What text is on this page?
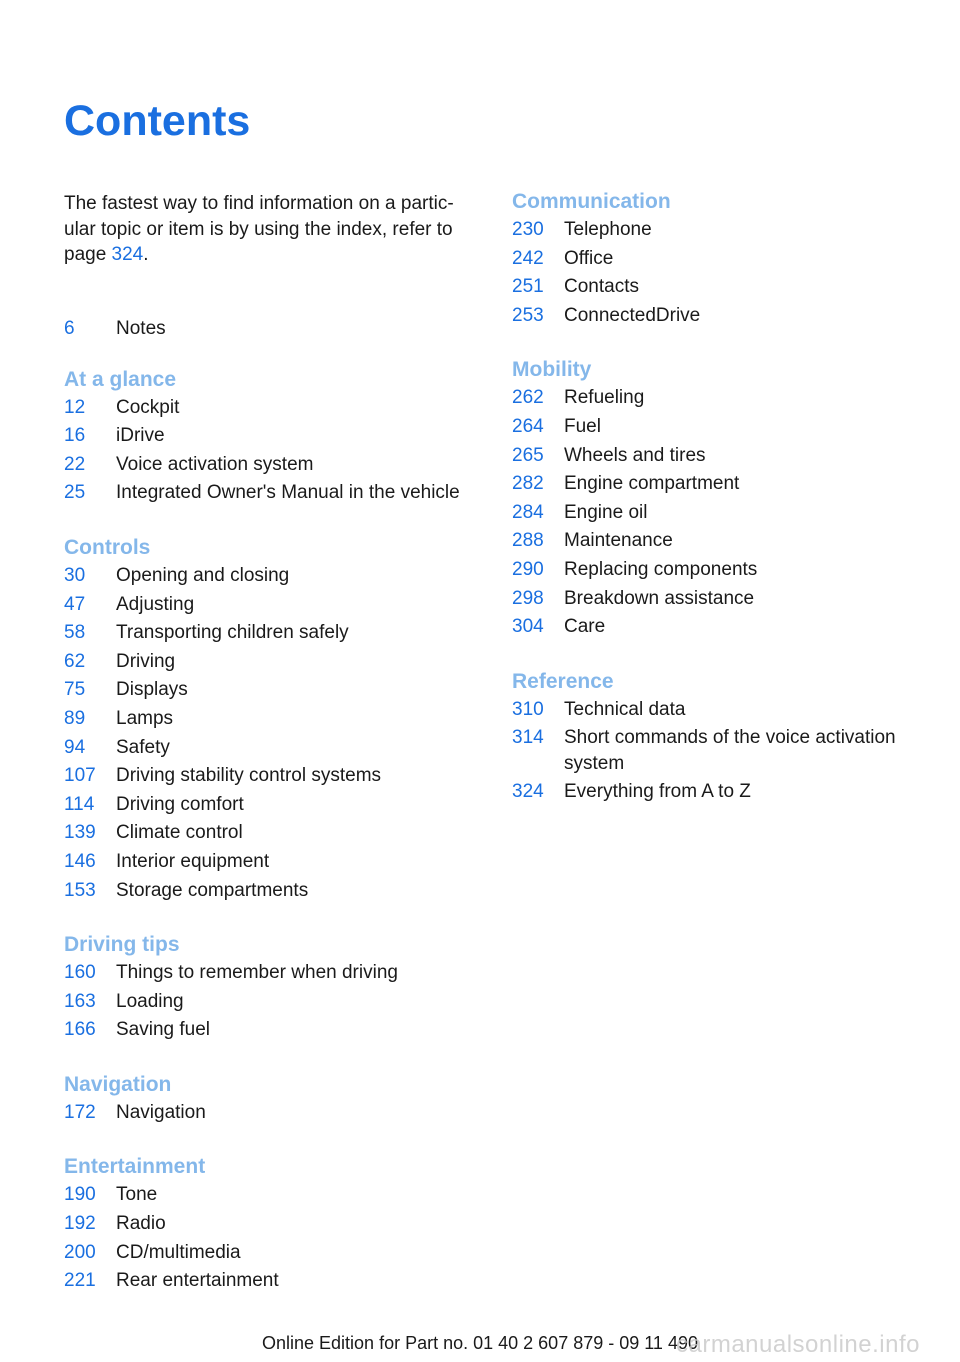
Contents
The fastest way to find information on a partic-ular topic or item is by using the index, refer to page 324.
6	Notes
At a glance
12	Cockpit
16	iDrive
22	Voice activation system
25	Integrated Owner's Manual in the vehicle
Controls
30	Opening and closing
47	Adjusting
58	Transporting children safely
62	Driving
75	Displays
89	Lamps
94	Safety
107	Driving stability control systems
114	Driving comfort
139	Climate control
146	Interior equipment
153	Storage compartments
Driving tips
160	Things to remember when driving
163	Loading
166	Saving fuel
Navigation
172	Navigation
Entertainment
190	Tone
192	Radio
200	CD/multimedia
221	Rear entertainment
Communication
230	Telephone
242	Office
251	Contacts
253	ConnectedDrive
Mobility
262	Refueling
264	Fuel
265	Wheels and tires
282	Engine compartment
284	Engine oil
288	Maintenance
290	Replacing components
298	Breakdown assistance
304	Care
Reference
310	Technical data
314	Short commands of the voice activation system
324	Everything from A to Z
Online Edition for Part no. 01 40 2 607 879 - 09 11 490
carmanualsonline.info
